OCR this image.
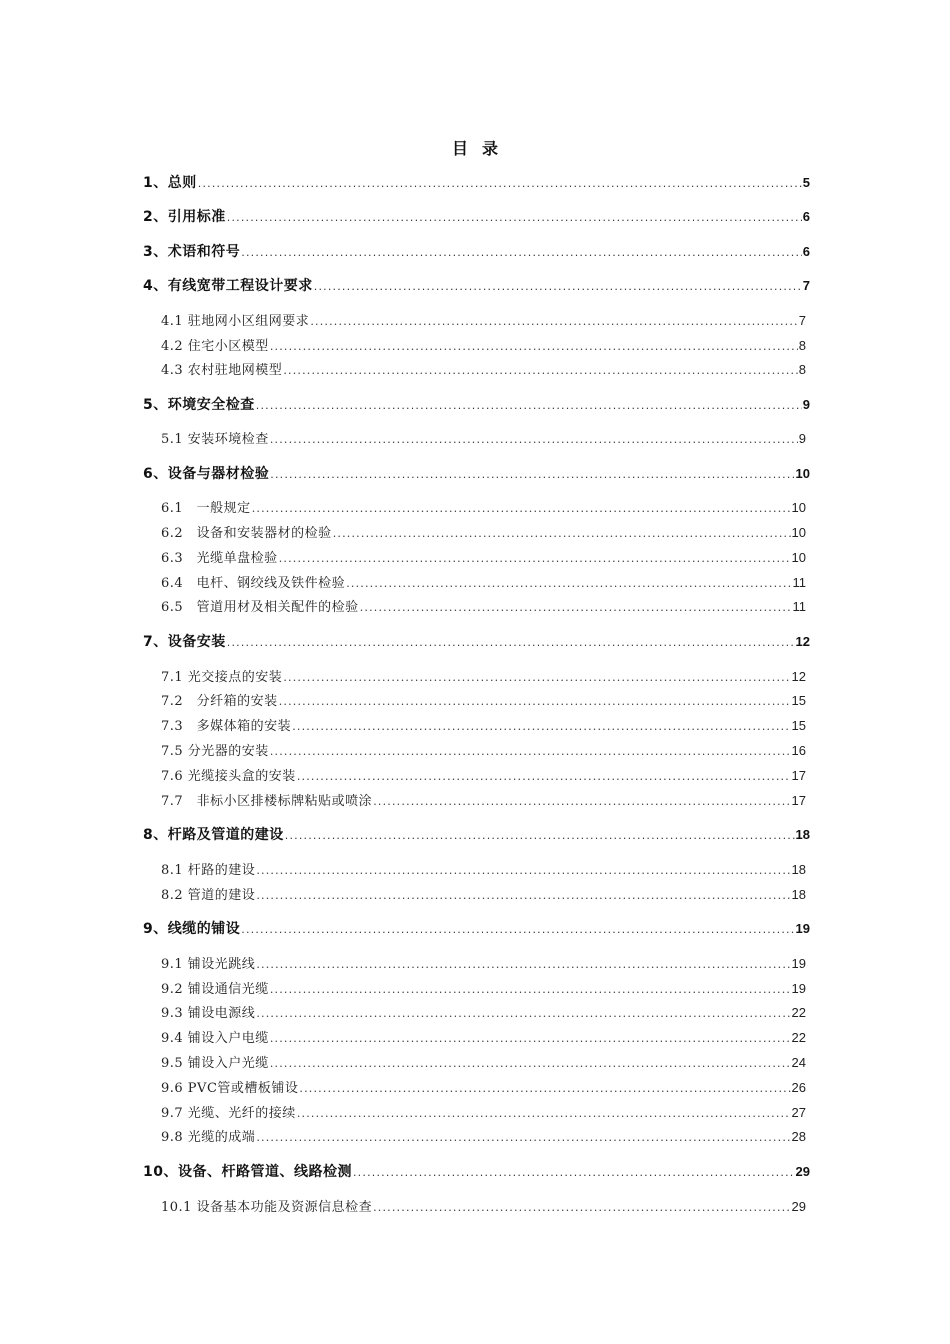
目 录
1、总则 .....	5
2、引用标准 .....	6
3、术语和符号 .....	6
4、有线宽带工程设计要求 .....	7
4.1 驻地网小区组网要求 .....	7
4.2 住宅小区模型 .....	8
4.3 农村驻地网模型 .....	8
5、环境安全检查 .....	9
5.1 安装环境检查 .....	9
6、设备与器材检验 .....	10
6.1　一般规定 .....	10
6.2　设备和安装器材的检验 .....	10
6.3　光缆单盘检验 .....	10
6.4　电杆、钢绞线及铁件检验 .....	11
6.5　管道用材及相关配件的检验 .....	11
7、设备安装 .....	12
7.1 光交接点的安装 .....	12
7.2　分纤箱的安装 .....	15
7.3　多媒体箱的安装 .....	15
7.5 分光器的安装 .....	16
7.6 光缆接头盒的安装 .....	17
7.7　非标小区排楼标牌粘贴或喷涂 .....	17
8、杆路及管道的建设 .....	18
8.1 杆路的建设 .....	18
8.2 管道的建设 .....	18
9、线缆的铺设 .....	19
9.1 铺设光跳线 .....	19
9.2 铺设通信光缆 .....	19
9.3 铺设电源线 .....	22
9.4 铺设入户电缆 .....	22
9.5 铺设入户光缆 .....	24
9.6 PVC管或槽板铺设 .....	26
9.7 光缆、光纤的接续 .....	27
9.8 光缆的成端 .....	28
10、设备、杆路管道、线路检测 .....	29
10.1 设备基本功能及资源信息检查 .....	29
